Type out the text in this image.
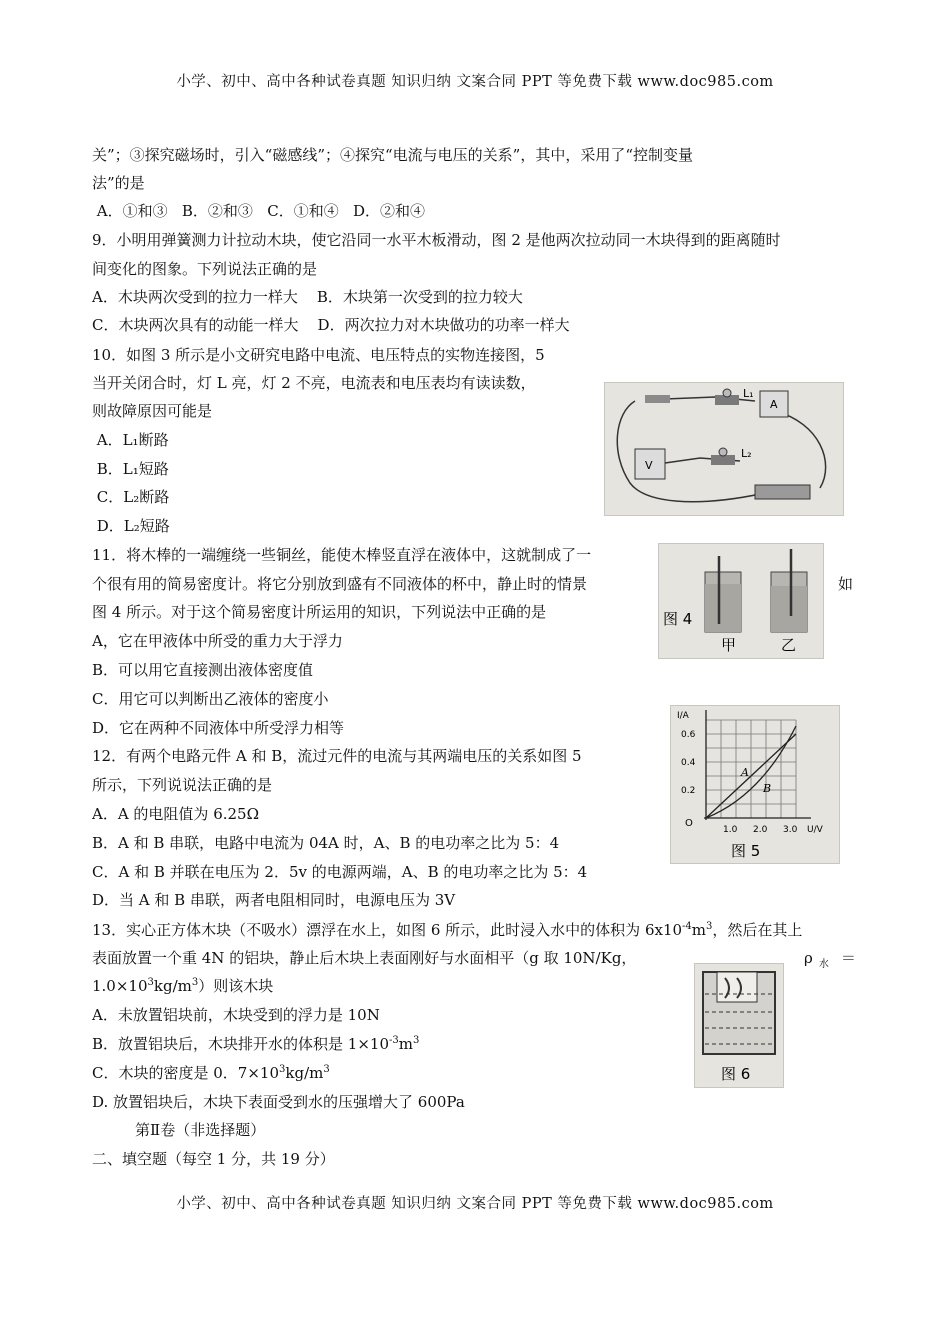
小学、初中、高中各种试卷真题 知识归纳 文案合同 PPT 等免费下载 www.doc985.com
小学、初中、高中各种试卷真题 知识归纳 文案合同 PPT 等免费下载 www.doc985.com
关”；③探究磁场时，引入“磁感线”；④探究“电流与电压的关系”，其中，采用了“控制变量
法”的是
A．①和③   B．②和③   C．①和④   D．②和④
9．小明用弹簧测力计拉动木块，使它沿同一水平木板滑动，图 2 是他两次拉动同一木块得到的距离随时
间变化的图象。下列说法正确的是
A．木块两次受到的拉力一样大    B．木块第一次受到的拉力较大
C．木块两次具有的动能一样大    D．两次拉力对木块做功的功率一样大
10．如图 3 所示是小文研究电路中电流、电压特点的实物连接图，5
当开关闭合时，灯 L 亮，灯 2 不亮，电流表和电压表均有读读数，
则故障原因可能是
A．L₁断路
B．L₁短路
C．L₂断路
D．L₂短路
L₁
A
L₂
V
11．将木棒的一端缠绕一些铜丝，能使木棒竖直浮在液体中，这就制成了一
个很有用的简易密度计。将它分别放到盛有不同液体的杯中，静止时的情景	如
图 4 所示。对于这个简易密度计所运用的知识，下列说法中正确的是
A，它在甲液体中所受的重力大于浮力
B．可以用它直接测出液体密度值
C．用它可以判断出乙液体的密度小
D．它在两种不同液体中所受浮力相等
图 4
甲	乙
12．有两个电路元件 A 和 B，流过元件的电流与其两端电压的关系如图 5
所示，下列说说法正确的是
A．A 的电阻值为 6.25Ω
B．A 和 B 串联，电路中电流为 04A 时，A、B 的电功率之比为 5：4
C．A 和 B 并联在电压为 2．5v 的电源两端，A、B 的电功率之比为 5：4
D．当 A 和 B 串联，两者电阻相同时，电源电压为 3V
I/A
U/V
O
0.6
0.4
0.2
1.0 2.0 3.0
A
B
图 5
13．实心正方体木块（不吸水）漂浮在水上，如图 6 所示，此时浸入水中的体积为 $6x10^{-4}m^3$，然后在其上
表面放置一个重 4N 的铝块，静止后木块上表面刚好与水面相平（g 取 10N/Kg，	ρ $_水$ ＝
$1.0\times 10^3kg/m^3$）则该木块
A．未放置铝块前，木块受到的浮力是 10N
B．放置铝块后，木块排开水的体积是 $1\times 10^{-3}m^3$
C．木块的密度是 0．$7\times 10^3kg/m^3$
D. 放置铝块后，木块下表面受到水的压强增大了 600Pa
图 6
第Ⅱ卷（非选择题）
二、填空题（每空 1 分，共 19 分）
